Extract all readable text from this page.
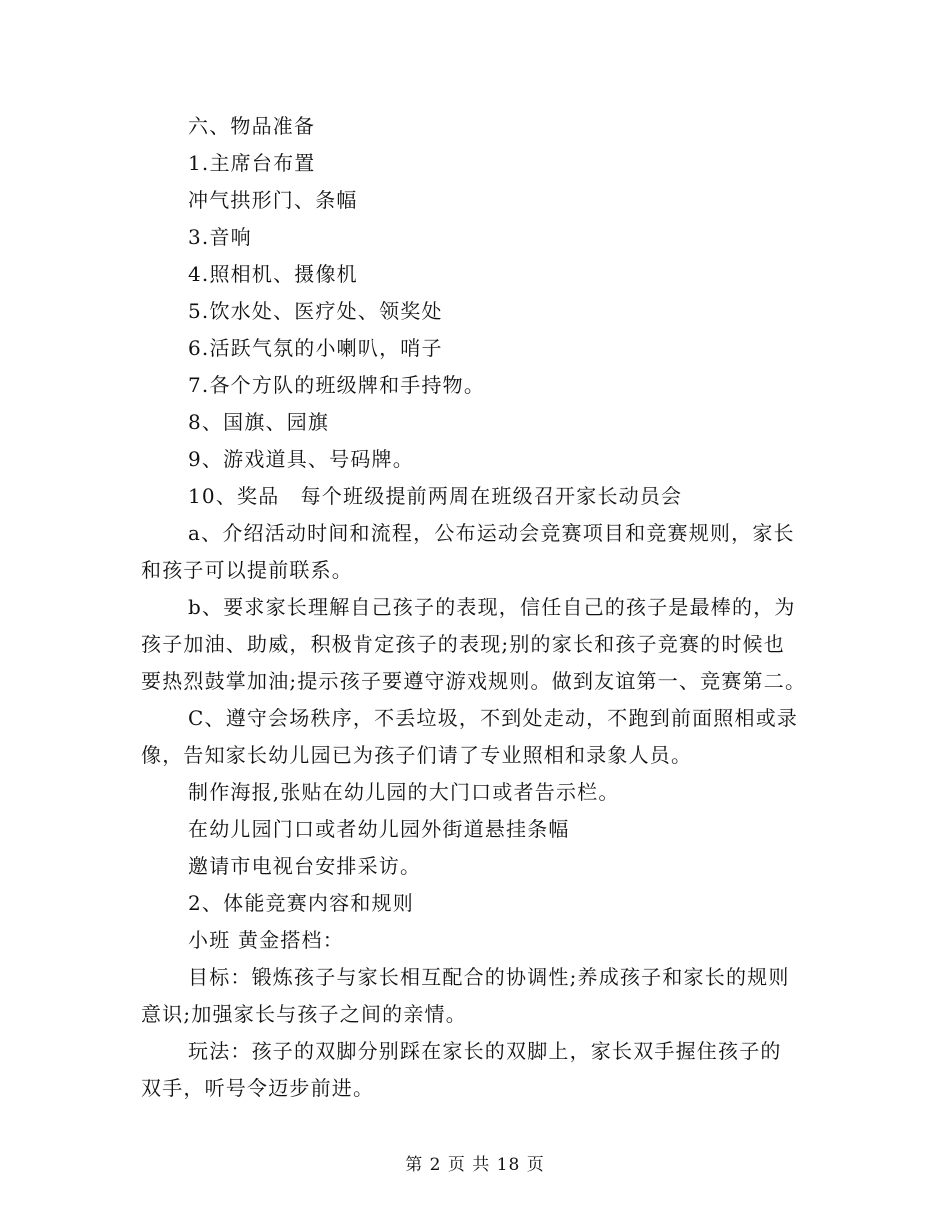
六、物品准备
1.主席台布置
冲气拱形门、条幅
3.音响
4.照相机、摄像机
5.饮水处、医疗处、领奖处
6.活跃气氛的小喇叭，哨子
7.各个方队的班级牌和手持物。
8、国旗、园旗
9、游戏道具、号码牌。
10、奖品　每个班级提前两周在班级召开家长动员会
a、介绍活动时间和流程，公布运动会竞赛项目和竞赛规则，家长
和孩子可以提前联系。
b、要求家长理解自己孩子的表现，信任自己的孩子是最棒的，为
孩子加油、助威，积极肯定孩子的表现;别的家长和孩子竞赛的时候也
要热烈鼓掌加油;提示孩子要遵守游戏规则。做到友谊第一、竞赛第二。
C、遵守会场秩序，不丢垃圾，不到处走动，不跑到前面照相或录
像，告知家长幼儿园已为孩子们请了专业照相和录象人员。
制作海报,张贴在幼儿园的大门口或者告示栏。
在幼儿园门口或者幼儿园外街道悬挂条幅
邀请市电视台安排采访。
2、体能竞赛内容和规则
小班 黄金搭档：
目标：锻炼孩子与家长相互配合的协调性;养成孩子和家长的规则
意识;加强家长与孩子之间的亲情。
玩法：孩子的双脚分别踩在家长的双脚上，家长双手握住孩子的
双手，听号令迈步前进。
第 2 页 共 18 页
